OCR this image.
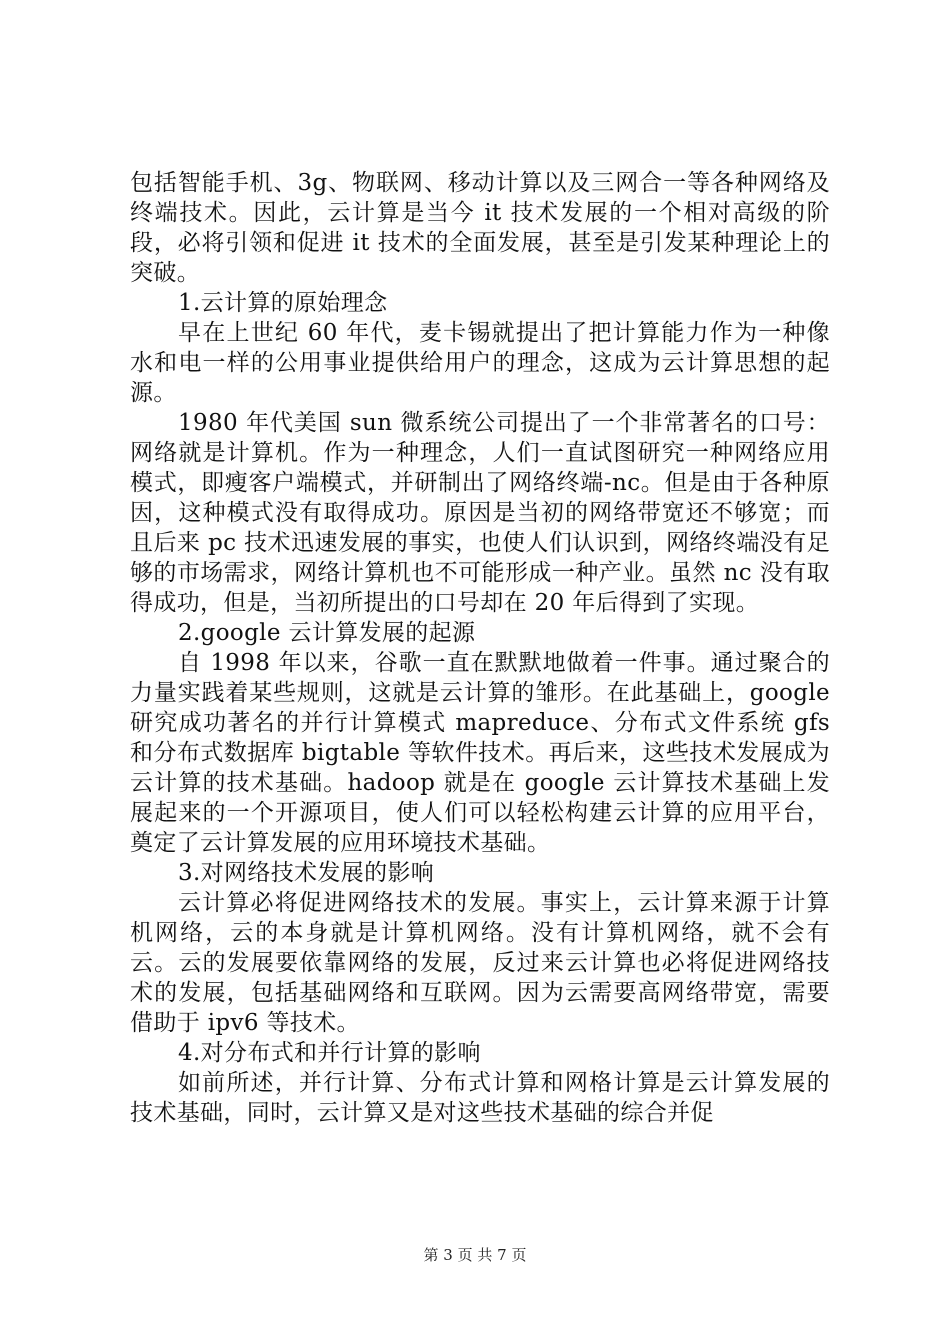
包括智能手机、3g、物联网、移动计算以及三网合一等各种网络及终端技术。因此，云计算是当今 it 技术发展的一个相对高级的阶段，必将引领和促进 it 技术的全面发展，甚至是引发某种理论上的突破。

1.云计算的原始理念

早在上世纪 60 年代，麦卡锡就提出了把计算能力作为一种像水和电一样的公用事业提供给用户的理念，这成为云计算思想的起源。

1980 年代美国 sun 微系统公司提出了一个非常著名的口号：网络就是计算机。作为一种理念，人们一直试图研究一种网络应用模式，即瘦客户端模式，并研制出了网络终端-nc。但是由于各种原因，这种模式没有取得成功。原因是当初的网络带宽还不够宽；而且后来 pc 技术迅速发展的事实，也使人们认识到，网络终端没有足够的市场需求，网络计算机也不可能形成一种产业。虽然 nc 没有取得成功，但是，当初所提出的口号却在 20 年后得到了实现。

2.google 云计算发展的起源

自 1998 年以来，谷歌一直在默默地做着一件事。通过聚合的力量实践着某些规则，这就是云计算的雏形。在此基础上，google 研究成功著名的并行计算模式 mapreduce、分布式文件系统 gfs 和分布式数据库 bigtable 等软件技术。再后来，这些技术发展成为云计算的技术基础。hadoop 就是在 google 云计算技术基础上发展起来的一个开源项目，使人们可以轻松构建云计算的应用平台，奠定了云计算发展的应用环境技术基础。

3.对网络技术发展的影响

云计算必将促进网络技术的发展。事实上，云计算来源于计算机网络，云的本身就是计算机网络。没有计算机网络，就不会有云。云的发展要依靠网络的发展，反过来云计算也必将促进网络技术的发展，包括基础网络和互联网。因为云需要高网络带宽，需要借助于 ipv6 等技术。

4.对分布式和并行计算的影响

如前所述，并行计算、分布式计算和网格计算是云计算发展的技术基础，同时，云计算又是对这些技术基础的综合并促

第 3 页 共 7 页
